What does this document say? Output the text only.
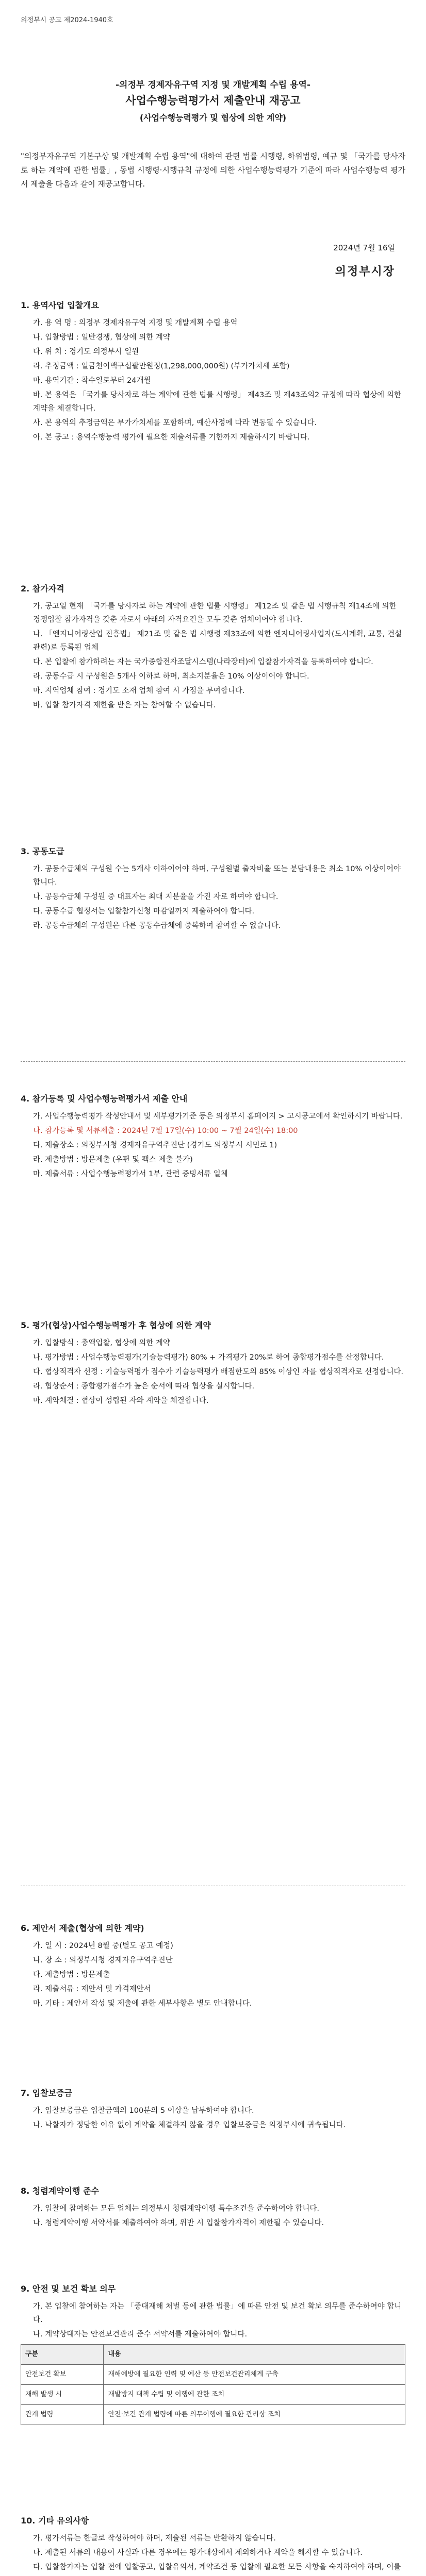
의정부시 공고 제2024-1940호
-의정부 경제자유구역 지정 및 개발계획 수립 용역-
사업수행능력평가서 제출안내 재공고
(사업수행능력평가 및 협상에 의한 계약)
"의정부자유구역 기본구상 및 개발계획 수립 용역"에 대하여 관련 법률 시행령, 하위법령, 예규 및 「국가를 당사자로 하는 계약에 관한 법률」, 동법 시행령·시행규칙 규정에 의한 사업수행능력평가 기준에 따라 사업수행능력 평가서 제출을 다음과 같이 재공고합니다.
2024년 7월 16일
의정부시장
1. 용역사업 입찰개요

가. 용 역 명 : 의정부 경제자유구역 지정 및 개발계획 수립 용역

나. 입찰방법 : 일반경쟁, 협상에 의한 계약

다. 위 치 : 경기도 의정부시 일원

라. 추정금액 : 일금천이백구십팔만원정(1,298,000,000원) (부가가치세 포함)

마. 용역기간 : 착수일로부터 24개월

바. 본 용역은 「국가를 당사자로 하는 계약에 관한 법률 시행령」 제43조 및 제43조의2 규정에 따라 협상에 의한 계약을 체결합니다.

사. 본 용역의 추정금액은 부가가치세를 포함하며, 예산사정에 따라 변동될 수 있습니다.

아. 본 공고 : 용역수행능력 평가에 필요한 제출서류를 기한까지 제출하시기 바랍니다.

2. 참가자격

가. 공고일 현재 「국가를 당사자로 하는 계약에 관한 법률 시행령」 제12조 및 같은 법 시행규칙 제14조에 의한 경쟁입찰 참가자격을 갖춘 자로서 아래의 자격요건을 모두 갖춘 업체이어야 합니다.

나. 「엔지니어링산업 진흥법」 제21조 및 같은 법 시행령 제33조에 의한 엔지니어링사업자(도시계획, 교통, 건설 관련)로 등록된 업체

다. 본 입찰에 참가하려는 자는 국가종합전자조달시스템(나라장터)에 입찰참가자격을 등록하여야 합니다.

라. 공동수급 시 구성원은 5개사 이하로 하며, 최소지분율은 10% 이상이어야 합니다.

마. 지역업체 참여 : 경기도 소재 업체 참여 시 가점을 부여합니다.

바. 입찰 참가자격 제한을 받은 자는 참여할 수 없습니다.

3. 공동도급

가. 공동수급체의 구성원 수는 5개사 이하이어야 하며, 구성원별 출자비율 또는 분담내용은 최소 10% 이상이어야 합니다.

나. 공동수급체 구성원 중 대표자는 최대 지분율을 가진 자로 하여야 합니다.

다. 공동수급 협정서는 입찰참가신청 마감일까지 제출하여야 합니다.

라. 공동수급체의 구성원은 다른 공동수급체에 중복하여 참여할 수 없습니다.

4. 참가등록 및 사업수행능력평가서 제출 안내

가. 사업수행능력평가 작성안내서 및 세부평가기준 등은 의정부시 홈페이지 > 고시공고에서 확인하시기 바랍니다.

나. 참가등록 및 서류제출 : 2024년 7월 17일(수) 10:00 ~ 7월 24일(수) 18:00

다. 제출장소 : 의정부시청 경제자유구역추진단 (경기도 의정부시 시민로 1)

라. 제출방법 : 방문제출 (우편 및 팩스 제출 불가)

마. 제출서류 : 사업수행능력평가서 1부, 관련 증빙서류 일체

5. 평가(협상)사업수행능력평가 후 협상에 의한 계약

가. 입찰방식 : 총액입찰, 협상에 의한 계약

나. 평가방법 : 사업수행능력평가(기술능력평가) 80% + 가격평가 20%로 하여 종합평가점수를 산정합니다.

다. 협상적격자 선정 : 기술능력평가 점수가 기술능력평가 배점한도의 85% 이상인 자를 협상적격자로 선정합니다.

라. 협상순서 : 종합평가점수가 높은 순서에 따라 협상을 실시합니다.

마. 계약체결 : 협상이 성립된 자와 계약을 체결합니다.

6. 제안서 제출(협상에 의한 계약)

가. 일 시 : 2024년 8월 중(별도 공고 예정)

나. 장 소 : 의정부시청 경제자유구역추진단

다. 제출방법 : 방문제출

라. 제출서류 : 제안서 및 가격제안서

마. 기타 : 제안서 작성 및 제출에 관한 세부사항은 별도 안내합니다.

7. 입찰보증금

가. 입찰보증금은 입찰금액의 100분의 5 이상을 납부하여야 합니다.

나. 낙찰자가 정당한 이유 없이 계약을 체결하지 않을 경우 입찰보증금은 의정부시에 귀속됩니다.

8. 청렴계약이행 준수

가. 입찰에 참여하는 모든 업체는 의정부시 청렴계약이행 특수조건을 준수하여야 합니다.

나. 청렴계약이행 서약서를 제출하여야 하며, 위반 시 입찰참가자격이 제한될 수 있습니다.

9. 안전 및 보건 확보 의무

가. 본 입찰에 참여하는 자는 「중대재해 처벌 등에 관한 법률」에 따른 안전 및 보건 확보 의무를 준수하여야 합니다.

나. 계약상대자는 안전보건관리 준수 서약서를 제출하여야 합니다.

구분	내용
안전보건 확보	재해예방에 필요한 인력 및 예산 등 안전보건관리체계 구축
재해 발생 시	재발방지 대책 수립 및 이행에 관한 조치
관계 법령	안전·보건 관계 법령에 따른 의무이행에 필요한 관리상 조치
10. 기타 유의사항

가. 평가서류는 한글로 작성하여야 하며, 제출된 서류는 반환하지 않습니다.

나. 제출된 서류의 내용이 사실과 다른 경우에는 평가대상에서 제외하거나 계약을 해지할 수 있습니다.

다. 입찰참가자는 입찰 전에 입찰공고, 입찰유의서, 계약조건 등 입찰에 필요한 모든 사항을 숙지하여야 하며, 이를
